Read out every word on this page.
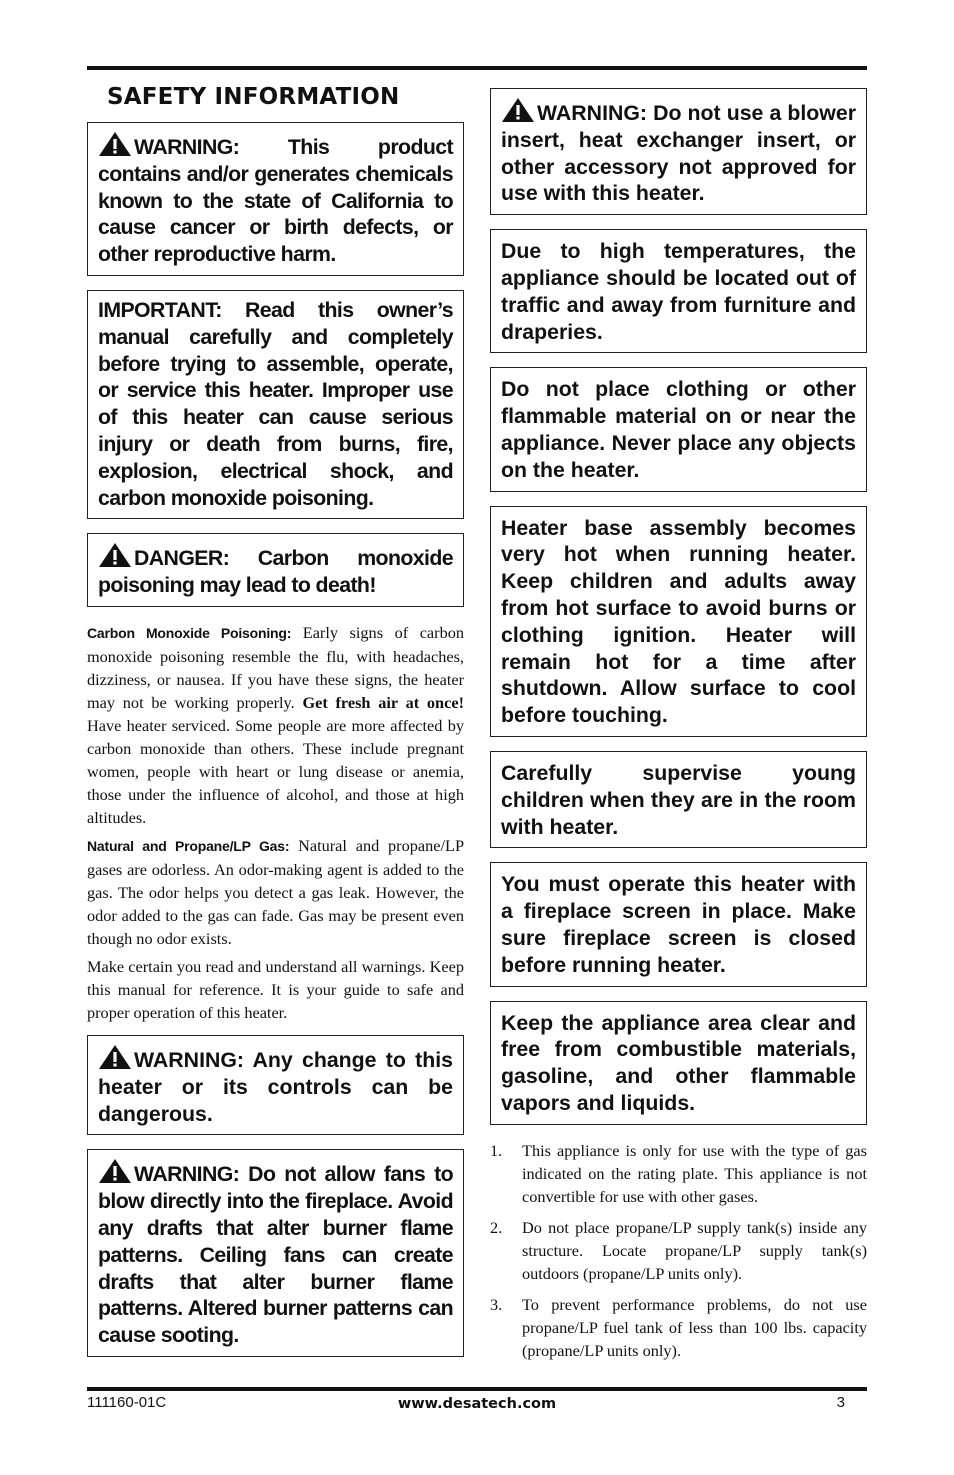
SAFETY INFORMATION
WARNING: This product contains and/or generates chemicals known to the state of California to cause cancer or birth defects, or other reproductive harm.
IMPORTANT: Read this owner’s manual carefully and completely before trying to assemble, operate, or service this heater. Improper use of this heater can cause serious injury or death from burns, fire, explosion, electrical shock, and carbon monoxide poisoning.
DANGER: Carbon monoxide poisoning may lead to death!

Carbon Monoxide Poisoning: Early signs of carbon monoxide poisoning resemble the flu, with headaches, dizziness, or nausea. If you have these signs, the heater may not be working properly. Get fresh air at once! Have heater serviced. Some people are more affected by carbon monoxide than others. These include pregnant women, people with heart or lung disease or anemia, those under the influence of alcohol, and those at high altitudes.

Natural and Propane/LP Gas: Natural and propane/LP gases are odorless. An odor-making agent is added to the gas. The odor helps you detect a gas leak. However, the odor added to the gas can fade. Gas may be present even though no odor exists.

Make certain you read and understand all warnings. Keep this manual for reference. It is your guide to safe and proper operation of this heater.

WARNING: Any change to this heater or its controls can be dangerous.
WARNING: Do not allow fans to blow directly into the fireplace. Avoid any drafts that alter burner flame patterns. Ceiling fans can create drafts that alter burner flame patterns. Altered burner patterns can cause sooting.
WARNING: Do not use a blower insert, heat exchanger insert, or other accessory not approved for use with this heater.
Due to high temperatures, the appliance should be located out of traffic and away from furniture and draperies.
Do not place clothing or other flammable material on or near the appliance. Never place any objects on the heater.
Heater base assembly becomes very hot when running heater. Keep children and adults away from hot surface to avoid burns or clothing ignition. Heater will remain hot for a time after shutdown. Allow surface to cool before touching.
Carefully supervise young children when they are in the room with heater.
You must operate this heater with a fireplace screen in place. Make sure fireplace screen is closed before running heater.
Keep the appliance area clear and free from combustible materials, gasoline, and other flammable vapors and liquids.
1. This appliance is only for use with the type of gas indicated on the rating plate. This appliance is not convertible for use with other gases.
2. Do not place propane/LP supply tank(s) inside any structure. Locate propane/LP supply tank(s) outdoors (propane/LP units only).
3. To prevent performance problems, do not use propane/LP fuel tank of less than 100 lbs. capacity (propane/LP units only).
111160-01C	www.desatech.com	3
